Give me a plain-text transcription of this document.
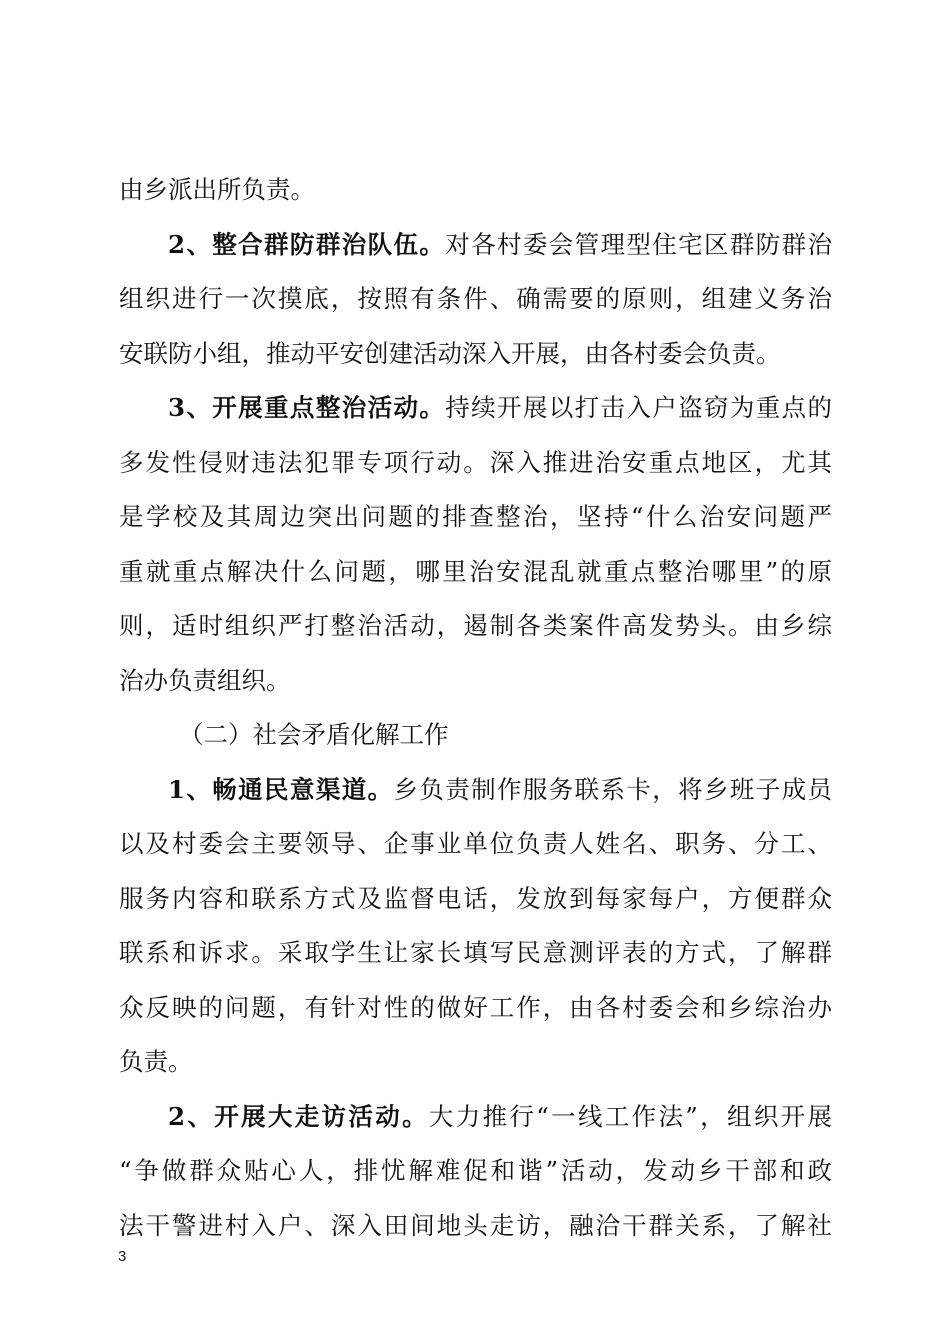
由乡派出所负责。
2、整合群防群治队伍。对各村委会管理型住宅区群防群治
组织进行一次摸底，按照有条件、确需要的原则，组建义务治
安联防小组，推动平安创建活动深入开展，由各村委会负责。
3、开展重点整治活动。持续开展以打击入户盗窃为重点的
多发性侵财违法犯罪专项行动。深入推进治安重点地区，尤其
是学校及其周边突出问题的排查整治，坚持“什么治安问题严
重就重点解决什么问题，哪里治安混乱就重点整治哪里”的原
则，适时组织严打整治活动，遏制各类案件高发势头。由乡综
治办负责组织。
（二）社会矛盾化解工作
1、畅通民意渠道。乡负责制作服务联系卡，将乡班子成员
以及村委会主要领导、企事业单位负责人姓名、职务、分工、
服务内容和联系方式及监督电话，发放到每家每户，方便群众
联系和诉求。采取学生让家长填写民意测评表的方式，了解群
众反映的问题，有针对性的做好工作，由各村委会和乡综治办
负责。
2、开展大走访活动。大力推行“一线工作法”，组织开展
“争做群众贴心人，排忧解难促和谐”活动，发动乡干部和政
法干警进村入户、深入田间地头走访，融洽干群关系，了解社
3
